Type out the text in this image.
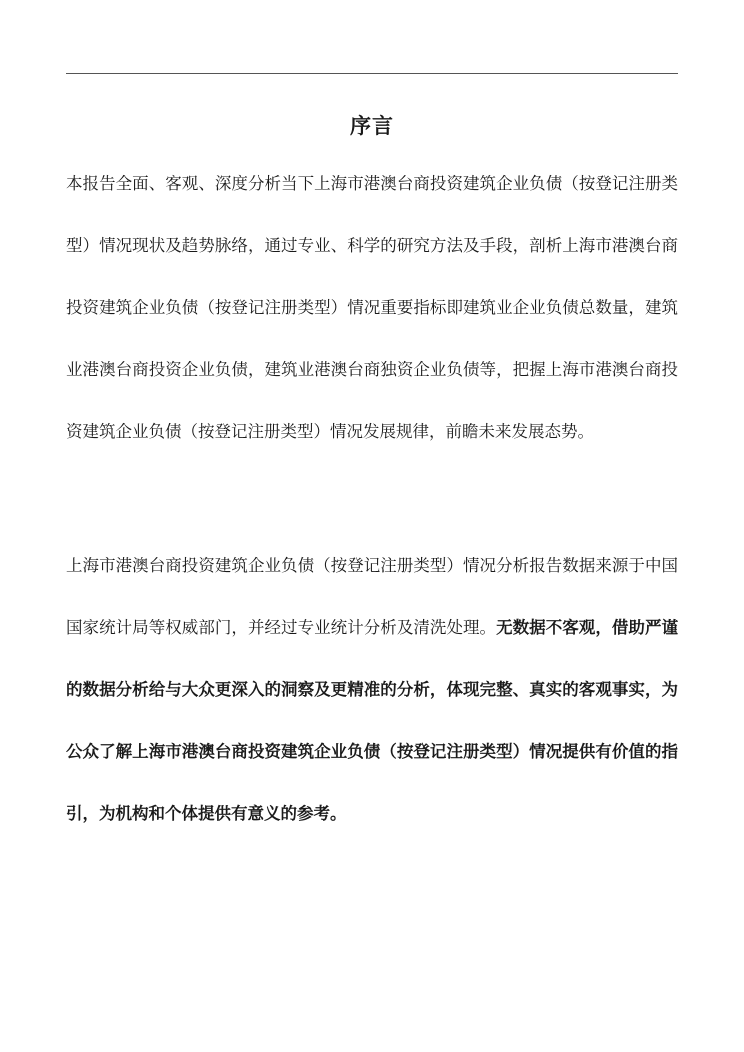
序言

本报告全面、客观、深度分析当下上海市港澳台商投资建筑企业负债（按登记注册类型）情况现状及趋势脉络，通过专业、科学的研究方法及手段，剖析上海市港澳台商投资建筑企业负债（按登记注册类型）情况重要指标即建筑业企业负债总数量，建筑业港澳台商投资企业负债，建筑业港澳台商独资企业负债等，把握上海市港澳台商投资建筑企业负债（按登记注册类型）情况发展规律，前瞻未来发展态势。

上海市港澳台商投资建筑企业负债（按登记注册类型）情况分析报告数据来源于中国国家统计局等权威部门，并经过专业统计分析及清洗处理。无数据不客观，借助严谨的数据分析给与大众更深入的洞察及更精准的分析，体现完整、真实的客观事实，为公众了解上海市港澳台商投资建筑企业负债（按登记注册类型）情况提供有价值的指引，为机构和个体提供有意义的参考。
